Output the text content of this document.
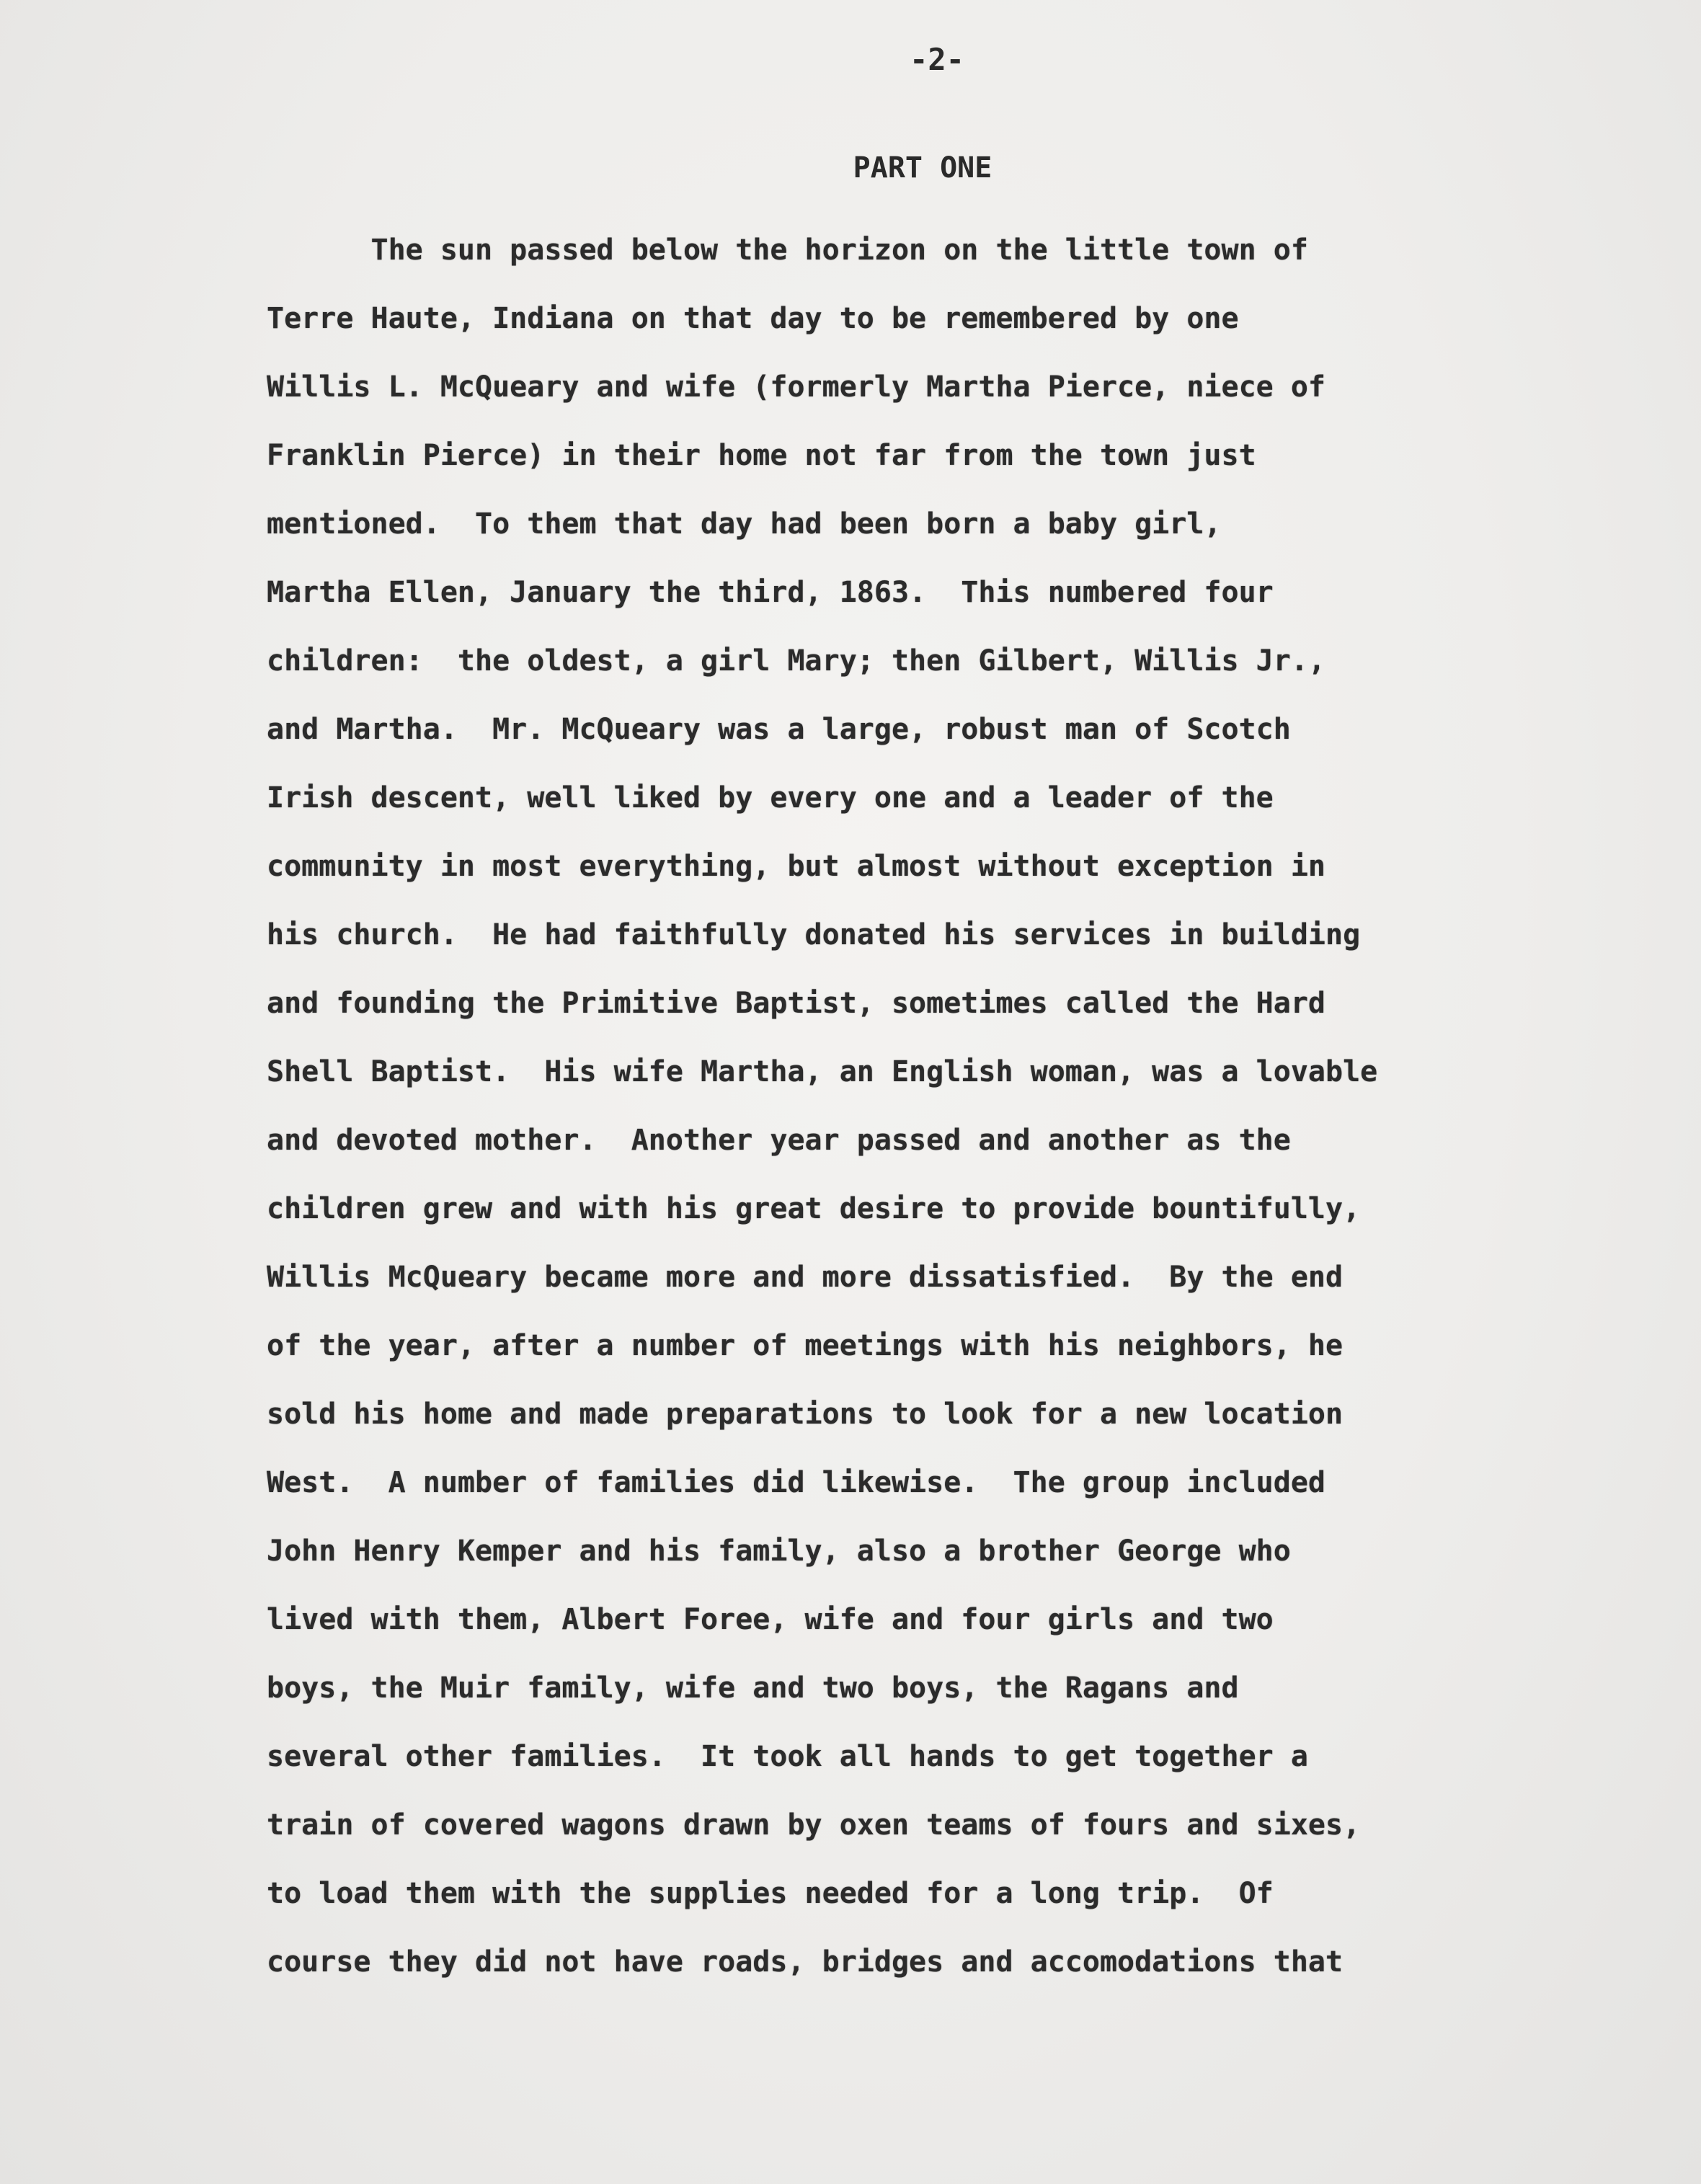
-2-
PART ONE
The sun passed below the horizon on the little town of
Terre Haute, Indiana on that day to be remembered by one
Willis L. McQueary and wife (formerly Martha Pierce, niece of
Franklin Pierce) in their home not far from the town just
mentioned.  To them that day had been born a baby girl,
Martha Ellen, January the third, 1863.  This numbered four
children:  the oldest, a girl Mary; then Gilbert, Willis Jr.,
and Martha.  Mr. McQueary was a large, robust man of Scotch
Irish descent, well liked by every one and a leader of the
community in most everything, but almost without exception in
his church.  He had faithfully donated his services in building
and founding the Primitive Baptist, sometimes called the Hard
Shell Baptist.  His wife Martha, an English woman, was a lovable
and devoted mother.  Another year passed and another as the
children grew and with his great desire to provide bountifully,
Willis McQueary became more and more dissatisfied.  By the end
of the year, after a number of meetings with his neighbors, he
sold his home and made preparations to look for a new location
West.  A number of families did likewise.  The group included
John Henry Kemper and his family, also a brother George who
lived with them, Albert Foree, wife and four girls and two
boys, the Muir family, wife and two boys, the Ragans and
several other families.  It took all hands to get together a
train of covered wagons drawn by oxen teams of fours and sixes,
to load them with the supplies needed for a long trip.  Of
course they did not have roads, bridges and accomodations that
